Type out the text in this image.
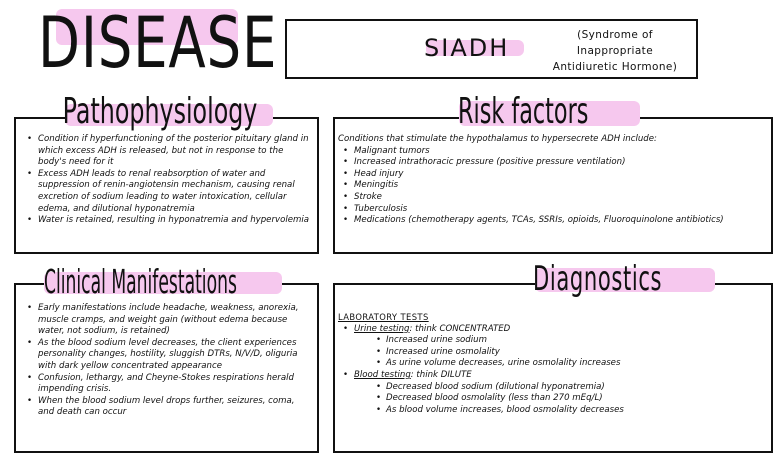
DISEASE	SIADH	(Syndrome of
Inappropriate
Antidiuretic Hormone)
Pathophysiology
• Condition if hyperfunctioning of the posterior pituitary gland in which excess ADH is released, but not in response to the body's need for it
• Excess ADH leads to renal reabsorption of water and suppression of renin-angiotensin mechanism, causing renal excretion of sodium leading to water intoxication, cellular edema, and dilutional hyponatremia
• Water is retained, resulting in hyponatremia and hypervolemia
Risk factors
Conditions that stimulate the hypothalamus to hypersecrete ADH include:
• Malignant tumors
• Increased intrathoracic pressure (positive pressure ventilation)
• Head injury
• Meningitis
• Stroke
• Tuberculosis
• Medications (chemotherapy agents, TCAs, SSRIs, opioids, Fluoroquinolone antibiotics)
Clinical Manifestations
• Early manifestations include headache, weakness, anorexia, muscle cramps, and weight gain (without edema because water, not sodium, is retained)
• As the blood sodium level decreases, the client experiences personality changes, hostility, sluggish DTRs, N/V/D, oliguria with dark yellow concentrated appearance
• Confusion, lethargy, and Cheyne-Stokes respirations herald impending crisis.
• When the blood sodium level drops further, seizures, coma, and death can occur
Diagnostics
LABORATORY TESTS
• Urine testing: think CONCENTRATED
• Increased urine sodium
• Increased urine osmolality
• As urine volume decreases, urine osmolality increases
• Blood testing: think DILUTE
• Decreased blood sodium (dilutional hyponatremia)
• Decreased blood osmolality (less than 270 mEq/L)
• As blood volume increases, blood osmolality decreases
